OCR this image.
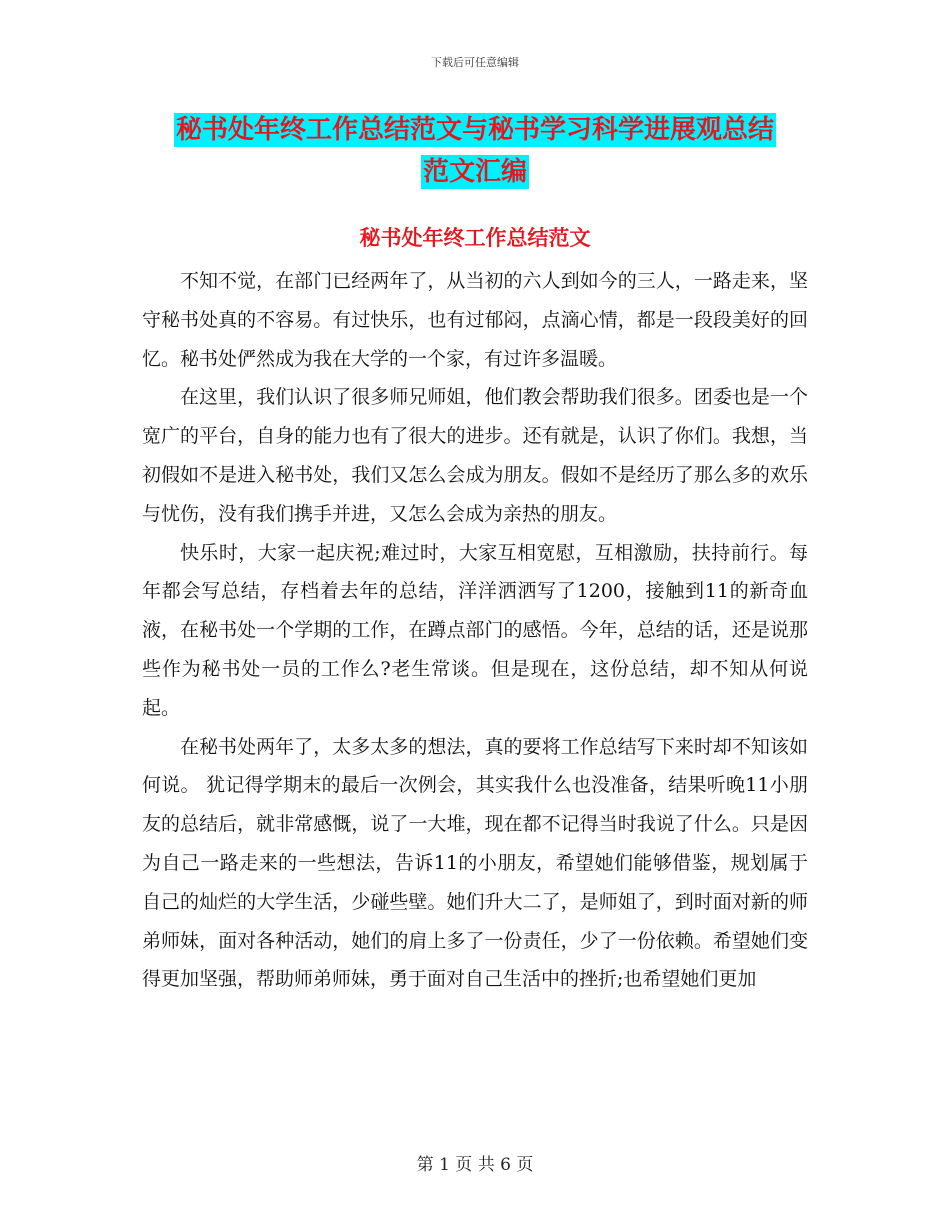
下载后可任意编辑
秘书处年终工作总结范文与秘书学习科学进展观总结
范文汇编
秘书处年终工作总结范文

不知不觉，在部门已经两年了，从当初的六人到如今的三人，一路走来，坚守秘书处真的不容易。有过快乐，也有过郁闷，点滴心情，都是一段段美好的回忆。秘书处俨然成为我在大学的一个家，有过许多温暖。

在这里，我们认识了很多师兄师姐，他们教会帮助我们很多。团委也是一个宽广的平台，自身的能力也有了很大的进步。还有就是，认识了你们。我想，当初假如不是进入秘书处，我们又怎么会成为朋友。假如不是经历了那么多的欢乐与忧伤，没有我们携手并进，又怎么会成为亲热的朋友。

快乐时，大家一起庆祝;难过时，大家互相宽慰，互相激励，扶持前行。每年都会写总结，存档着去年的总结，洋洋洒洒写了1200，接触到11的新奇血液，在秘书处一个学期的工作，在蹲点部门的感悟。今年，总结的话，还是说那些作为秘书处一员的工作么?老生常谈。但是现在，这份总结，却不知从何说起。

在秘书处两年了，太多太多的想法，真的要将工作总结写下来时却不知该如何说。 犹记得学期末的最后一次例会，其实我什么也没准备，结果听晚11小朋友的总结后，就非常感慨，说了一大堆，现在都不记得当时我说了什么。只是因为自己一路走来的一些想法，告诉11的小朋友，希望她们能够借鉴，规划属于自己的灿烂的大学生活，少碰些壁。她们升大二了，是师姐了，到时面对新的师弟师妹，面对各种活动，她们的肩上多了一份责任，少了一份依赖。希望她们变得更加坚强，帮助师弟师妹，勇于面对自己生活中的挫折;也希望她们更加

第 1 页 共 6 页
